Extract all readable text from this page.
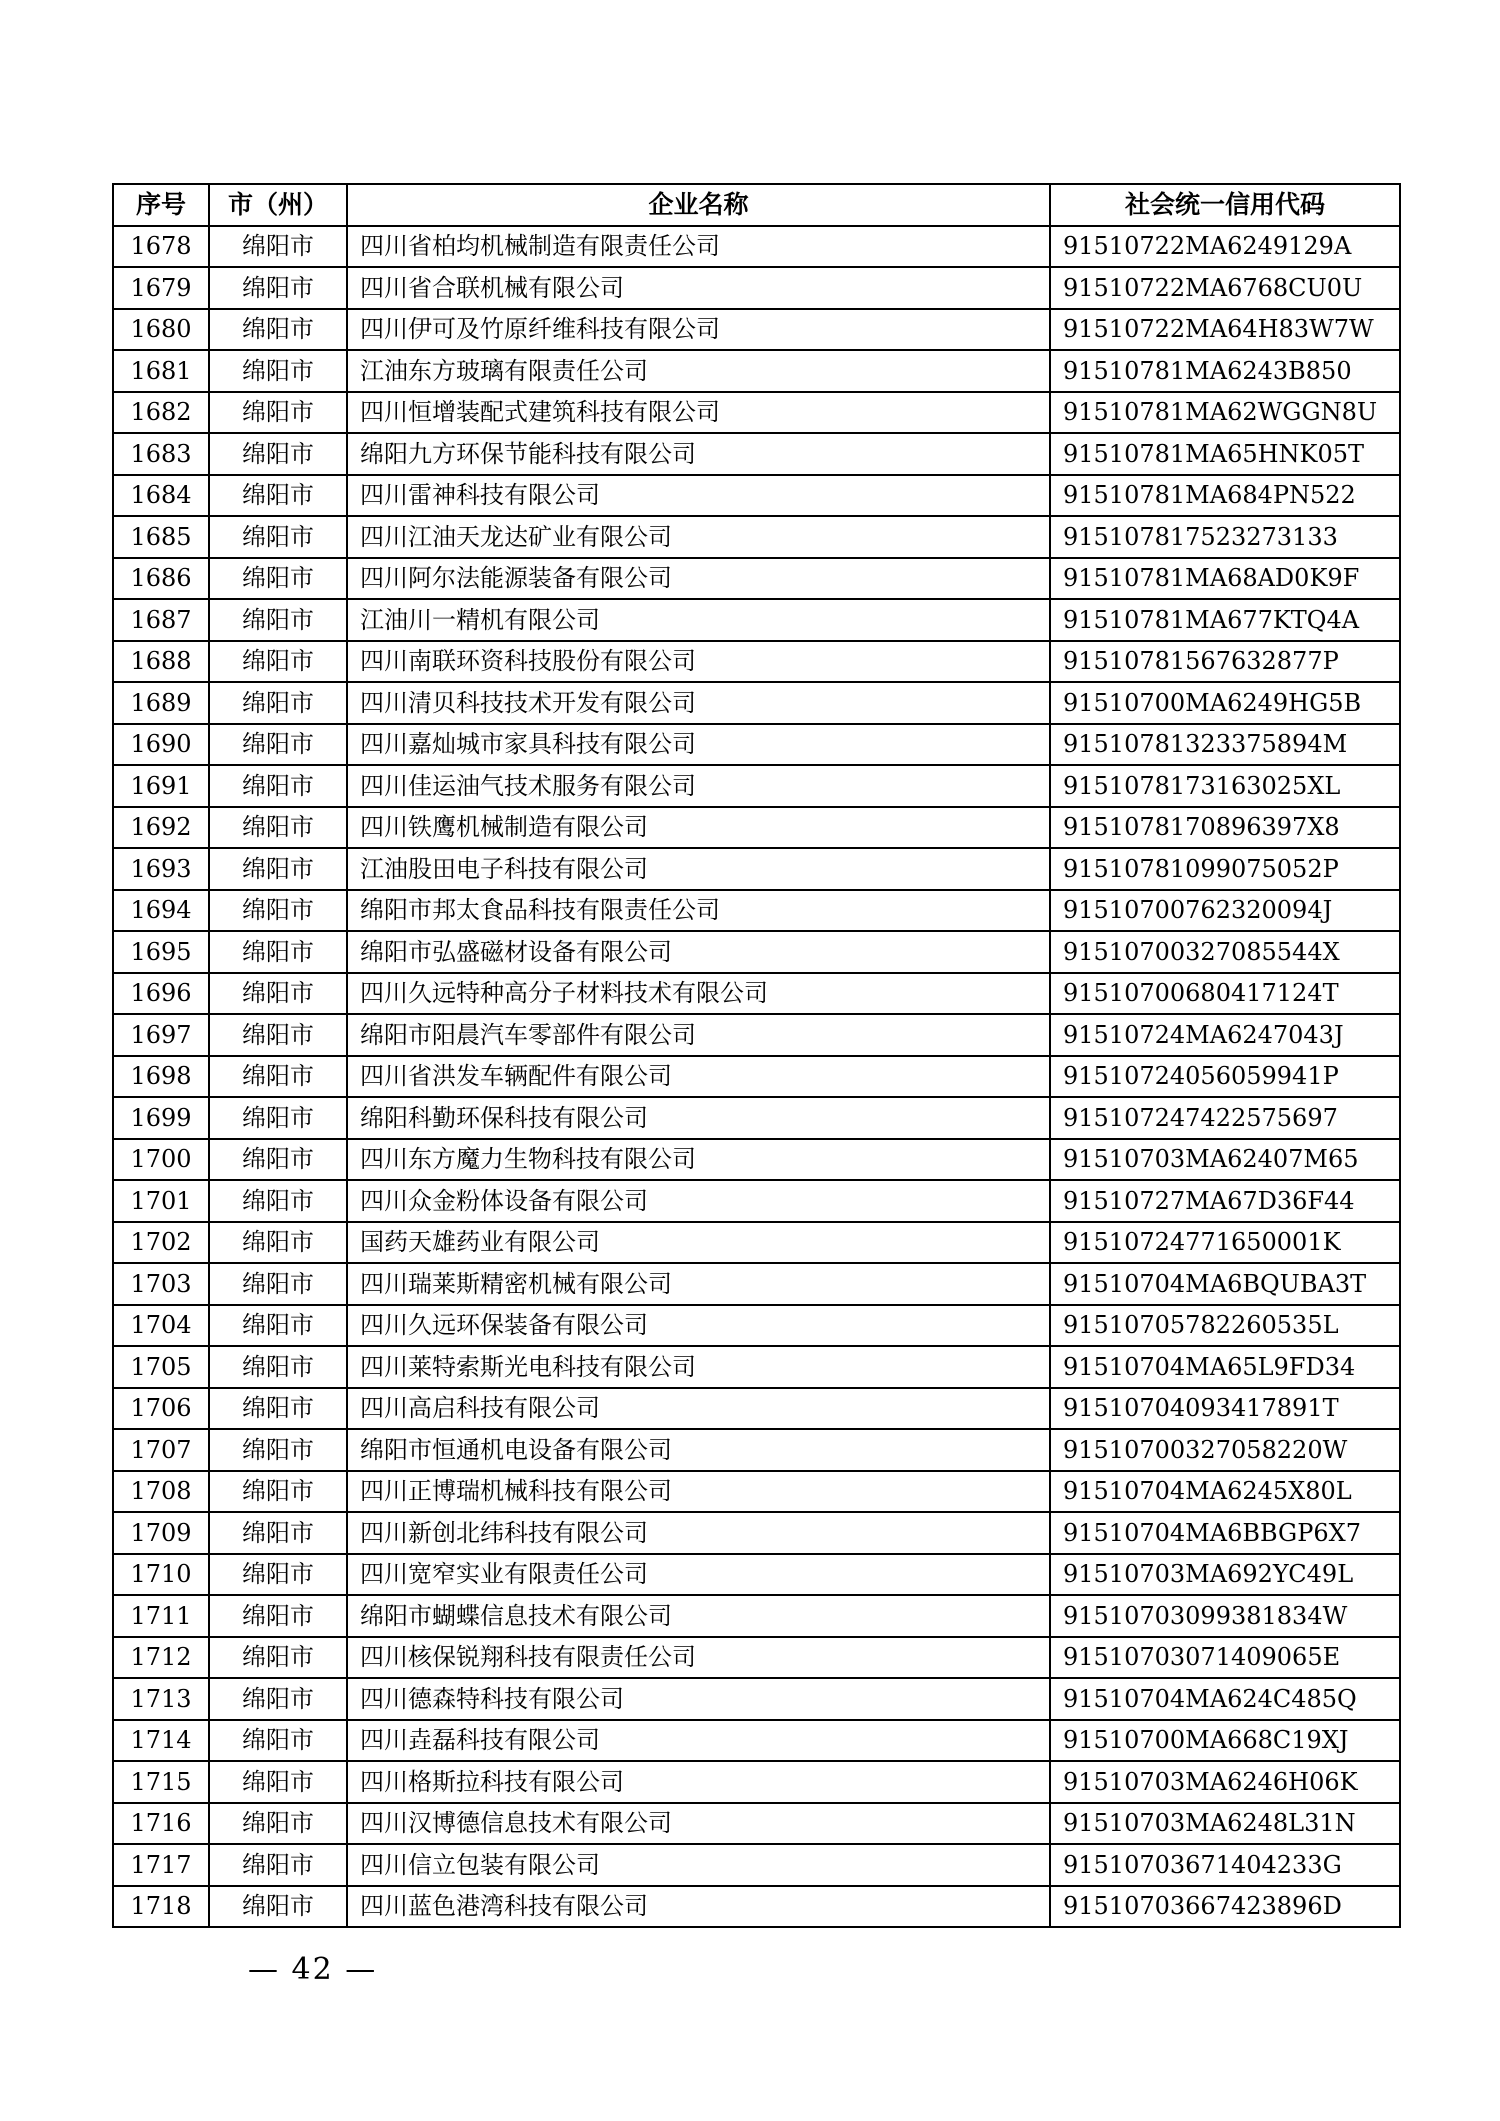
序号	市（州）	企业名称	社会统一信用代码
1678	绵阳市	四川省柏均机械制造有限责任公司	91510722MA6249129A
1679	绵阳市	四川省合联机械有限公司	91510722MA6768CU0U
1680	绵阳市	四川伊可及竹原纤维科技有限公司	91510722MA64H83W7W
1681	绵阳市	江油东方玻璃有限责任公司	91510781MA6243B850
1682	绵阳市	四川恒增装配式建筑科技有限公司	91510781MA62WGGN8U
1683	绵阳市	绵阳九方环保节能科技有限公司	91510781MA65HNK05T
1684	绵阳市	四川雷神科技有限公司	91510781MA684PN522
1685	绵阳市	四川江油天龙达矿业有限公司	915107817523273133
1686	绵阳市	四川阿尔法能源装备有限公司	91510781MA68AD0K9F
1687	绵阳市	江油川一精机有限公司	91510781MA677KTQ4A
1688	绵阳市	四川南联环资科技股份有限公司	91510781567632877P
1689	绵阳市	四川清贝科技技术开发有限公司	91510700MA6249HG5B
1690	绵阳市	四川嘉灿城市家具科技有限公司	91510781323375894M
1691	绵阳市	四川佳运油气技术服务有限公司	9151078173163025XL
1692	绵阳市	四川铁鹰机械制造有限公司	9151078170896397X8
1693	绵阳市	江油股田电子科技有限公司	91510781099075052P
1694	绵阳市	绵阳市邦太食品科技有限责任公司	91510700762320094J
1695	绵阳市	绵阳市弘盛磁材设备有限公司	91510700327085544X
1696	绵阳市	四川久远特种高分子材料技术有限公司	91510700680417124T
1697	绵阳市	绵阳市阳晨汽车零部件有限公司	91510724MA6247043J
1698	绵阳市	四川省洪发车辆配件有限公司	91510724056059941P
1699	绵阳市	绵阳科勤环保科技有限公司	915107247422575697
1700	绵阳市	四川东方魔力生物科技有限公司	91510703MA62407M65
1701	绵阳市	四川众金粉体设备有限公司	91510727MA67D36F44
1702	绵阳市	国药天雄药业有限公司	91510724771650001K
1703	绵阳市	四川瑞莱斯精密机械有限公司	91510704MA6BQUBA3T
1704	绵阳市	四川久远环保装备有限公司	91510705782260535L
1705	绵阳市	四川莱特索斯光电科技有限公司	91510704MA65L9FD34
1706	绵阳市	四川高启科技有限公司	91510704093417891T
1707	绵阳市	绵阳市恒通机电设备有限公司	91510700327058220W
1708	绵阳市	四川正博瑞机械科技有限公司	91510704MA6245X80L
1709	绵阳市	四川新创北纬科技有限公司	91510704MA6BBGP6X7
1710	绵阳市	四川宽窄实业有限责任公司	91510703MA692YC49L
1711	绵阳市	绵阳市蝴蝶信息技术有限公司	91510703099381834W
1712	绵阳市	四川核保锐翔科技有限责任公司	91510703071409065E
1713	绵阳市	四川德森特科技有限公司	91510704MA624C485Q
1714	绵阳市	四川垚磊科技有限公司	91510700MA668C19XJ
1715	绵阳市	四川格斯拉科技有限公司	91510703MA6246H06K
1716	绵阳市	四川汉博德信息技术有限公司	91510703MA6248L31N
1717	绵阳市	四川信立包装有限公司	91510703671404233G
1718	绵阳市	四川蓝色港湾科技有限公司	91510703667423896D
— 42 —
